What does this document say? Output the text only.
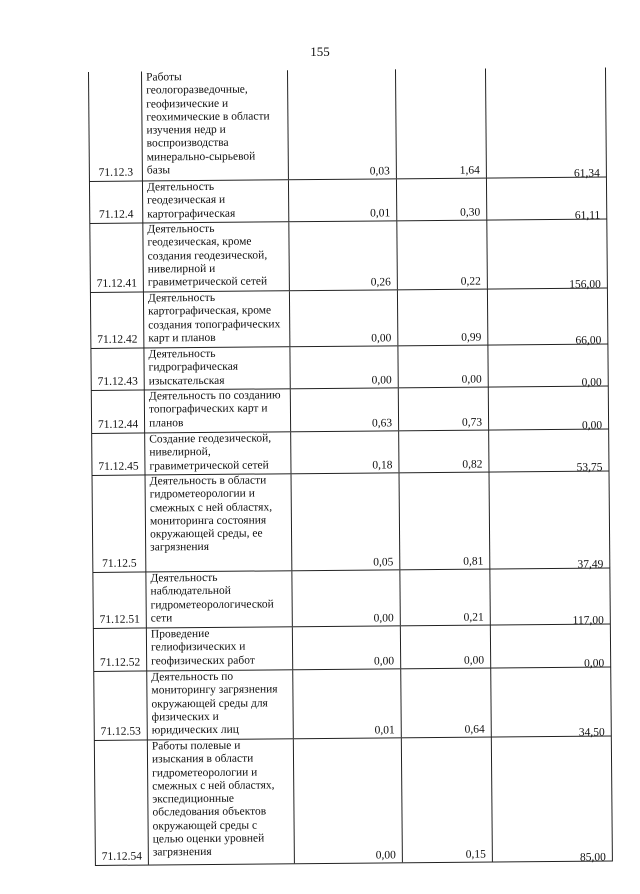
155
71.12.3
Работы
геологоразведочные,
геофизические и
геохимические в области
изучения недр и
воспроизводства
минерально-сырьевой
базы	0,03	1,64	61,34
71.12.4
Деятельность
геодезическая и
картографическая	0,01	0,30	61,11
71.12.41
Деятельность
геодезическая, кроме
создания геодезической,
нивелирной и
гравиметрической сетей	0,26	0,22	156,00
71.12.42
Деятельность
картографическая, кроме
создания топографических
карт и планов	0,00	0,99	66,00
71.12.43
Деятельность
гидрографическая
изыскательская	0,00	0,00	0,00
71.12.44
Деятельность по созданию
топографических карт и
планов	0,63	0,73	0,00
71.12.45
Создание геодезической,
нивелирной,
гравиметрической сетей	0,18	0,82	53,75
71.12.5
Деятельность в области
гидрометеорологии и
смежных с ней областях,
мониторинга состояния
окружающей среды, ее
загрязнения
0,05	0,81	37,49
71.12.51
Деятельность
наблюдательной
гидрометеорологической
сети	0,00	0,21	117,00
71.12.52
Проведение
гелиофизических и
геофизических работ	0,00	0,00	0,00
71.12.53
Деятельность по
мониторингу загрязнения
окружающей среды для
физических и
юридических лиц	0,01	0,64	34,50
71.12.54
Работы полевые и
изыскания в области
гидрометеорологии и
смежных с ней областях,
экспедиционные
обследования объектов
окружающей среды с
целью оценки уровней
загрязнения	0,00	0,15	85,00
